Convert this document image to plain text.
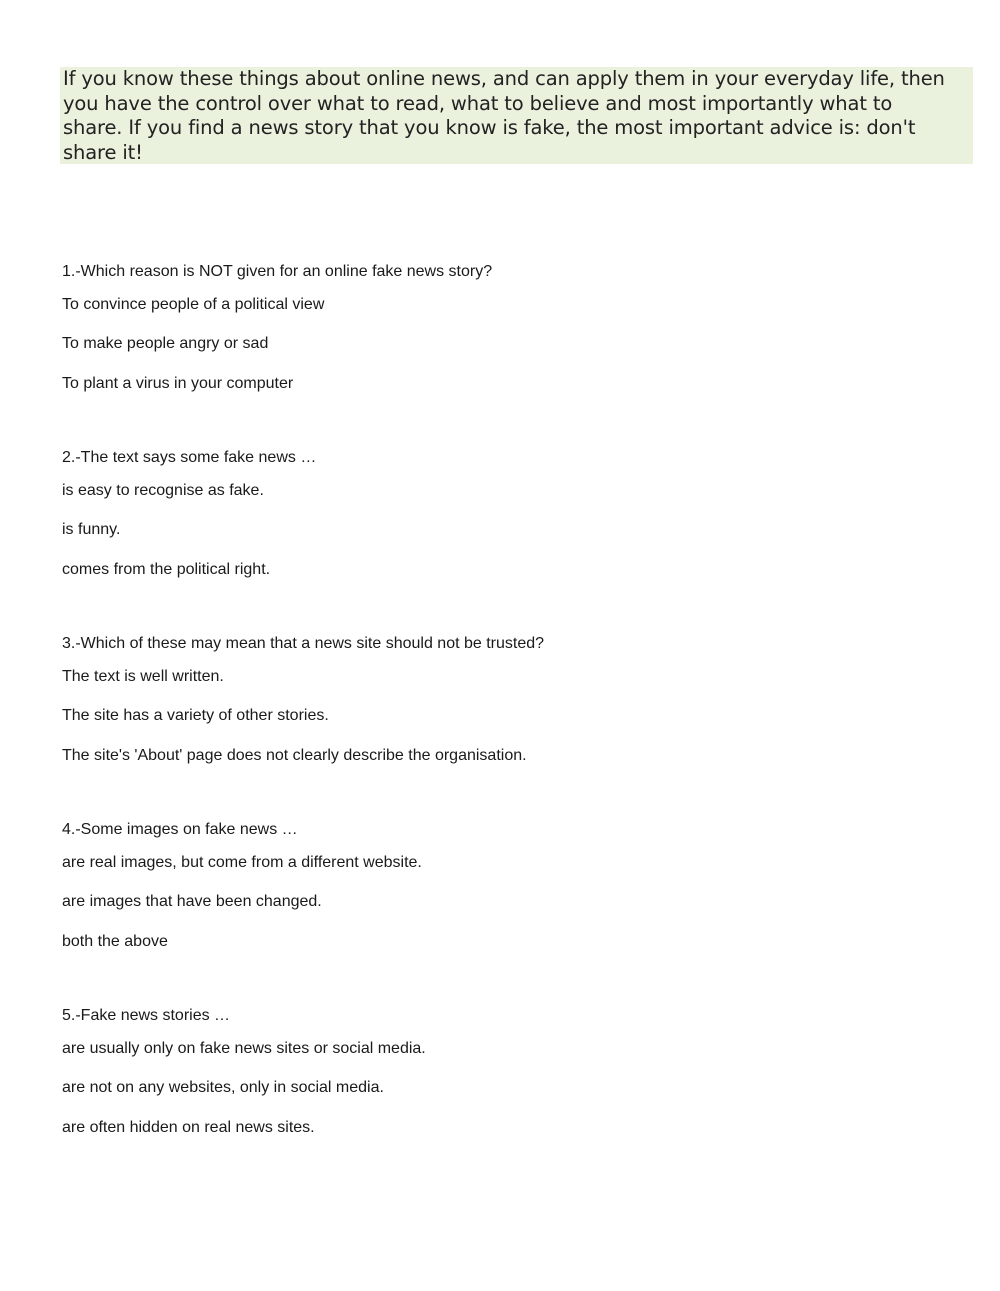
If you know these things about online news, and can apply them in your everyday life, then
you have the control over what to read, what to believe and most importantly what to
share. If you find a news story that you know is fake, the most important advice is: don't
share it!
1.-Which reason is NOT given for an online fake news story?
To convince people of a political view
To make people angry or sad
To plant a virus in your computer
2.-The text says some fake news …
is easy to recognise as fake.
is funny.
comes from the political right.
3.-Which of these may mean that a news site should not be trusted?
The text is well written.
The site has a variety of other stories.
The site's 'About' page does not clearly describe the organisation.
4.-Some images on fake news …
are real images, but come from a different website.
are images that have been changed.
both the above
5.-Fake news stories …
are usually only on fake news sites or social media.
are not on any websites, only in social media.
are often hidden on real news sites.
